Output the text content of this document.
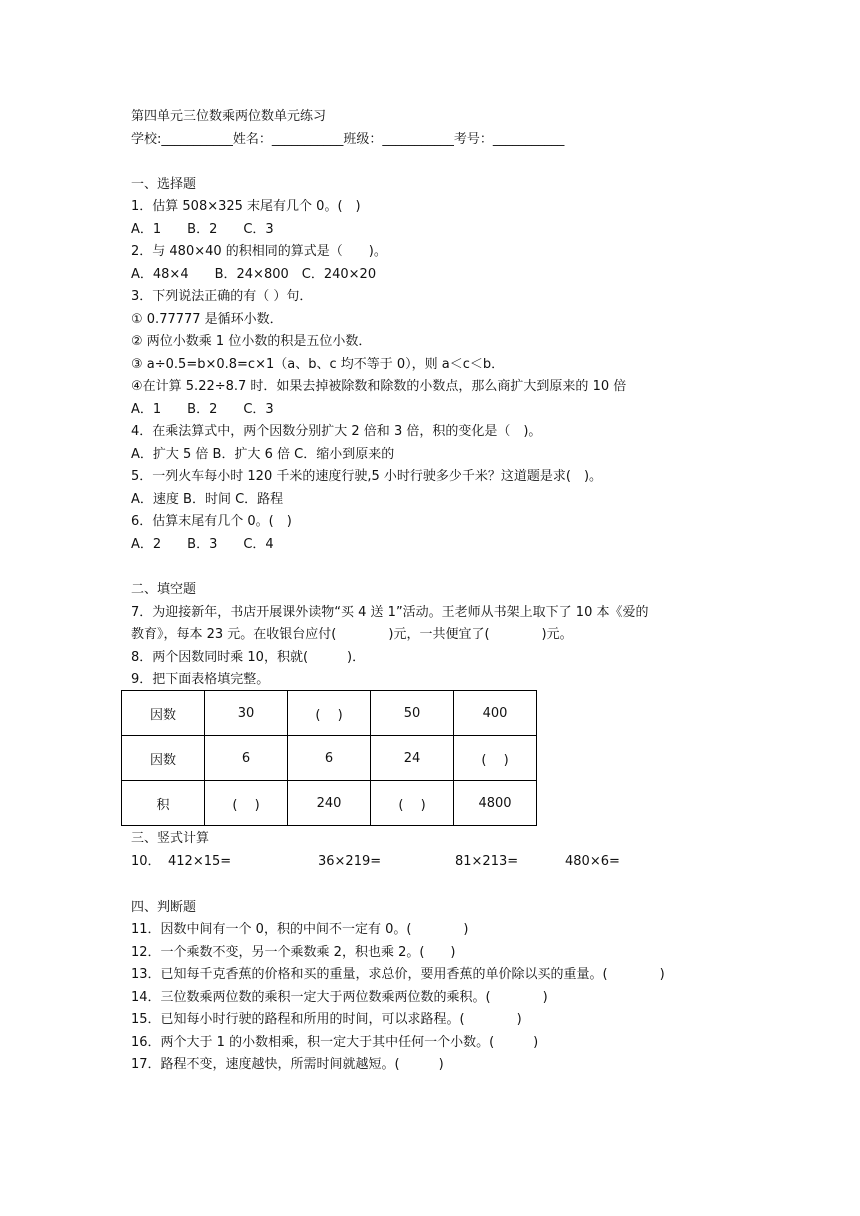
第四单元三位数乘两位数单元练习
学校:___________姓名：___________班级：___________考号：___________
一、选择题
1．估算 508×325 末尾有几个 0。(　)
A．1　　B．2　　C．3
2．与 480×40 的积相同的算式是（　　)。
A．48×4　　B．24×800　C．240×20
3．下列说法正确的有（ ）句．
① 0.77777 是循环小数．
② 两位小数乘 1 位小数的积是五位小数．
③ a÷0.5=b×0.8=c×1（a、b、c 均不等于 0），则 a＜c＜b．
④在计算 5.22÷8.7 时．如果去掉被除数和除数的小数点，那么商扩大到原来的 10 倍
A．1　　B．2　　C．3
4．在乘法算式中，两个因数分别扩大 2 倍和 3 倍，积的变化是（　)。
A．扩大 5 倍 B．扩大 6 倍 C．缩小到原来的
5．一列火车每小时 120 千米的速度行驶,5 小时行驶多少千米？这道题是求(　)。
A．速度 B．时间 C．路程
6．估算末尾有几个 0。(　)
A．2　　B．3　　C．4
二、填空题
7．为迎接新年，书店开展课外读物“买 4 送 1”活动。王老师从书架上取下了 10 本《爱的
教育》，每本 23 元。在收银台应付(　　　　)元，一共便宜了(　　　　)元。
8．两个因数同时乘 10，积就(　　　)．
9．把下面表格填完整。
因数	30	(　 )	50	400
因数	6	6	24	(　 )
积	(　 )	240	(　 )	4800
三、竖式计算
10． 412×15=	36×219=	81×213=	480×6=
四、判断题
11．因数中间有一个 0，积的中间不一定有 0。(　　　　)
12．一个乘数不变，另一个乘数乘 2，积也乘 2。(　　)
13．已知每千克香蕉的价格和买的重量，求总价，要用香蕉的单价除以买的重量。(　　　　)
14．三位数乘两位数的乘积一定大于两位数乘两位数的乘积。(　　　　)
15．已知每小时行驶的路程和所用的时间，可以求路程。(　　　　)
16．两个大于 1 的小数相乘，积一定大于其中任何一个小数。(　　　)
17．路程不变，速度越快，所需时间就越短。(　　　)
